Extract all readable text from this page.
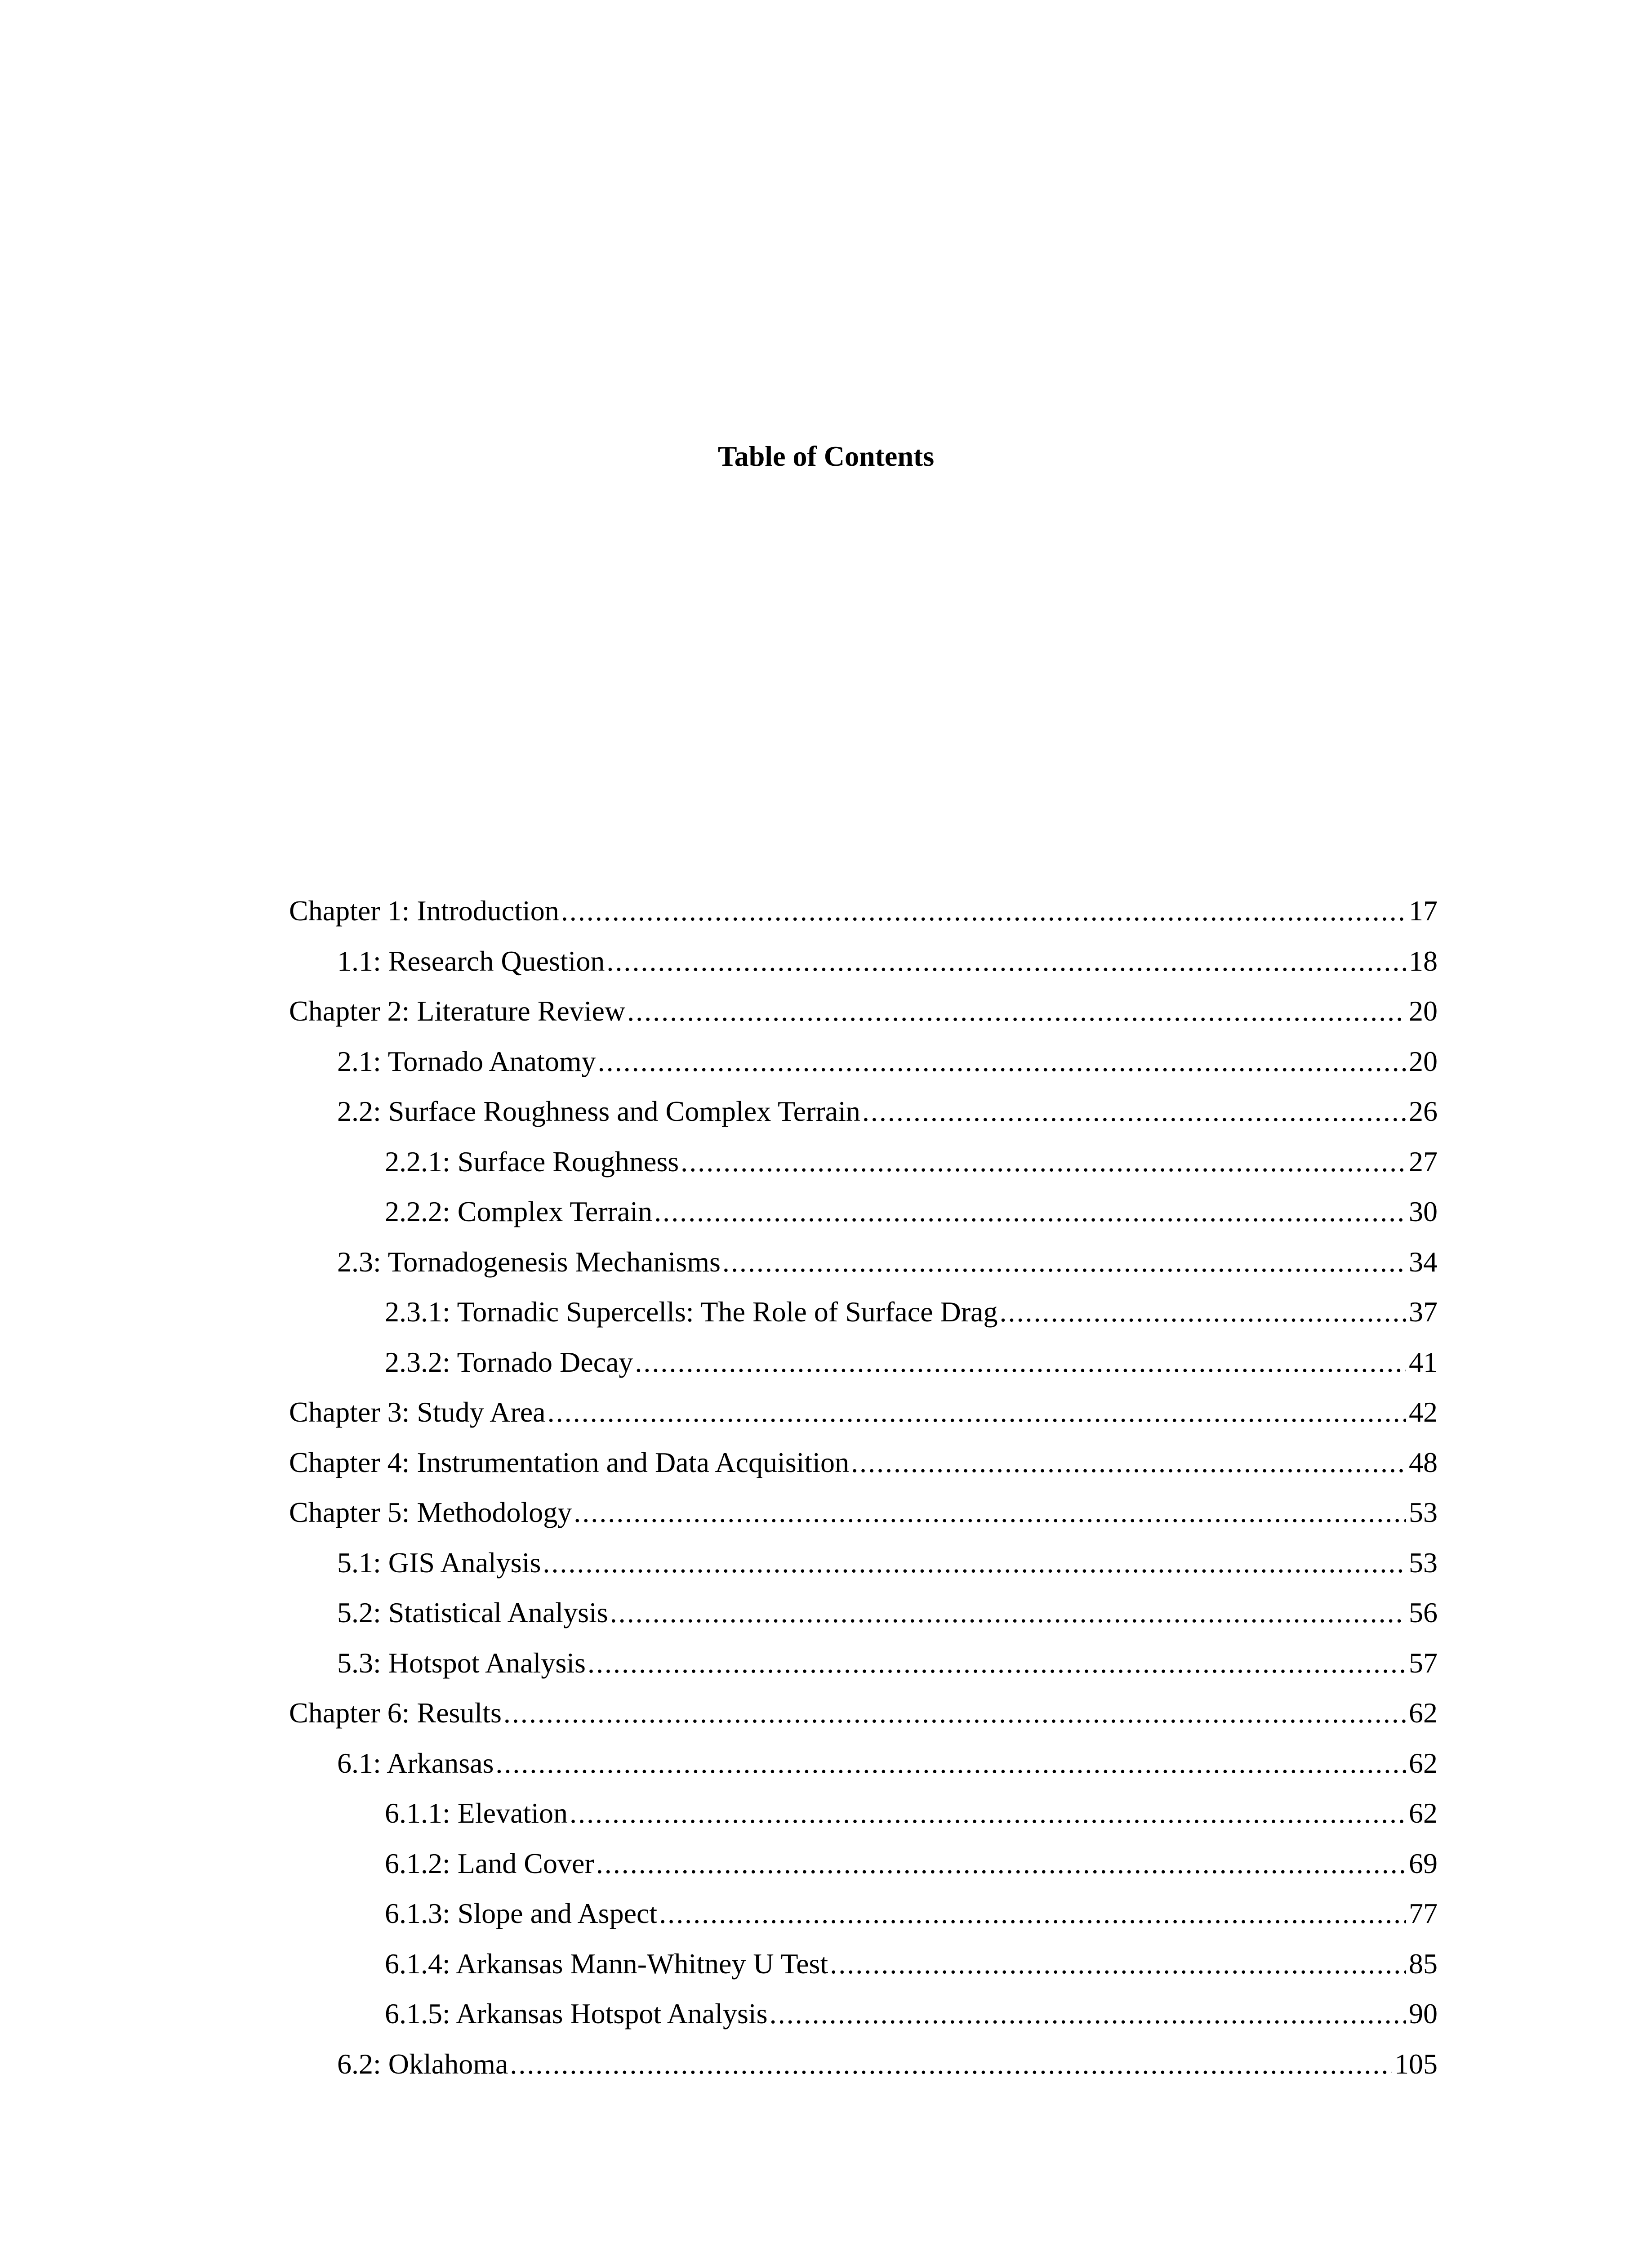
Table of Contents
Chapter 1: Introduction .....	17
1.1: Research Question .....	18
Chapter 2: Literature Review .....	20
2.1: Tornado Anatomy .....	20
2.2: Surface Roughness and Complex Terrain .....	26
2.2.1: Surface Roughness .....	27
2.2.2: Complex Terrain .....	30
2.3: Tornadogenesis Mechanisms .....	34
2.3.1: Tornadic Supercells: The Role of Surface Drag .....	37
2.3.2: Tornado Decay .....	41
Chapter 3: Study Area .....	42
Chapter 4: Instrumentation and Data Acquisition .....	48
Chapter 5: Methodology .....	53
5.1: GIS Analysis .....	53
5.2: Statistical Analysis .....	56
5.3: Hotspot Analysis .....	57
Chapter 6: Results .....	62
6.1: Arkansas .....	62
6.1.1: Elevation .....	62
6.1.2: Land Cover .....	69
6.1.3: Slope and Aspect .....	77
6.1.4: Arkansas Mann-Whitney U Test .....	85
6.1.5: Arkansas Hotspot Analysis .....	90
6.2: Oklahoma .....	105
